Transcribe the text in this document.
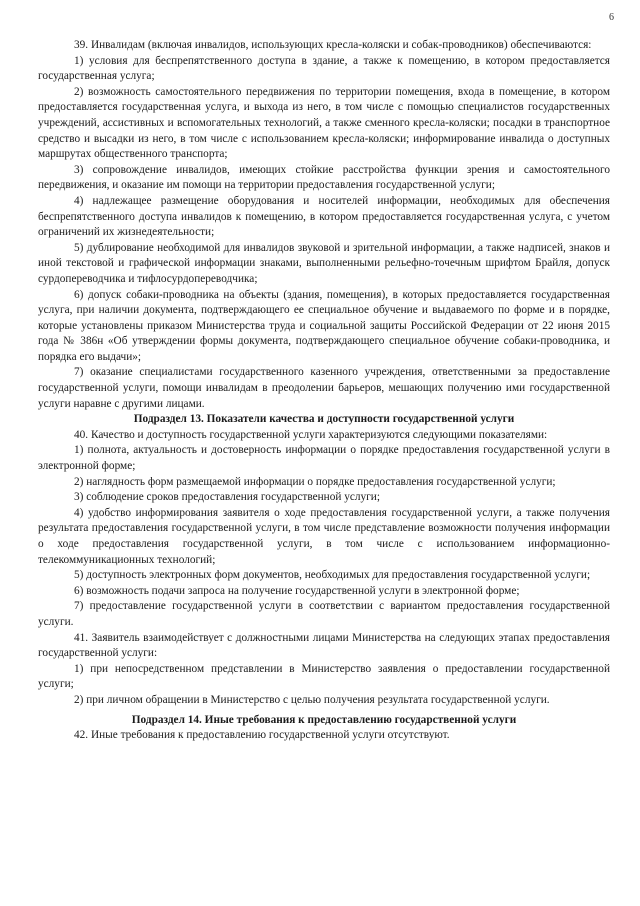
6

39. Инвалидам (включая инвалидов, использующих кресла-коляски и собак-проводников) обеспечиваются:

1) условия для беспрепятственного доступа в здание, а также к помещению, в котором предоставляется государственная услуга;

2) возможность самостоятельного передвижения по территории помещения, входа в помещение, в котором предоставляется государственная услуга, и выхода из него, в том числе с помощью специалистов государственных учреждений, ассистивных и вспомогательных технологий, а также сменного кресла-коляски; посадки в транспортное средство и высадки из него, в том числе с использованием кресла-коляски; информирование инвалида о доступных маршрутах общественного транспорта;

3) сопровождение инвалидов, имеющих стойкие расстройства функции зрения и самостоятельного передвижения, и оказание им помощи на территории предоставления государственной услуги;

4) надлежащее размещение оборудования и носителей информации, необходимых для обеспечения беспрепятственного доступа инвалидов к помещению, в котором предоставляется государственная услуга, с учетом ограничений их жизнедеятельности;

5) дублирование необходимой для инвалидов звуковой и зрительной информации, а также надписей, знаков и иной текстовой и графической информации знаками, выполненными рельефно-точечным шрифтом Брайля, допуск сурдопереводчика и тифлосурдопереводчика;

6) допуск собаки-проводника на объекты (здания, помещения), в которых предоставляется государственная услуга, при наличии документа, подтверждающего ее специальное обучение и выдаваемого по форме и в порядке, которые установлены приказом Министерства труда и социальной защиты Российской Федерации от 22 июня 2015 года № 386н «Об утверждении формы документа, подтверждающего специальное обучение собаки-проводника, и порядка его выдачи»;

7) оказание специалистами государственного казенного учреждения, ответственными за предоставление государственной услуги, помощи инвалидам в преодолении барьеров, мешающих получению ими государственной услуги наравне с другими лицами.

Подраздел 13. Показатели качества и доступности государственной услуги

40. Качество и доступность государственной услуги характеризуются следующими показателями:

1) полнота, актуальность и достоверность информации о порядке предоставления государственной услуги в электронной форме;

2) наглядность форм размещаемой информации о порядке предоставления государственной услуги;

3) соблюдение сроков предоставления государственной услуги;

4) удобство информирования заявителя о ходе предоставления государственной услуги, а также получения результата предоставления государственной услуги, в том числе представление возможности получения информации о ходе предоставления государственной услуги, в том числе с использованием информационно-телекоммуникационных технологий;

5) доступность электронных форм документов, необходимых для предоставления государственной услуги;

6) возможность подачи запроса на получение государственной услуги в электронной форме;

7) предоставление государственной услуги в соответствии с вариантом предоставления государственной услуги.

41. Заявитель взаимодействует с должностными лицами Министерства на следующих этапах предоставления государственной услуги:

1) при непосредственном представлении в Министерство заявления о предоставлении государственной услуги;

2) при личном обращении в Министерство с целью получения результата государственной услуги.

Подраздел 14. Иные требования к предоставлению государственной услуги

42. Иные требования к предоставлению государственной услуги отсутствуют.
